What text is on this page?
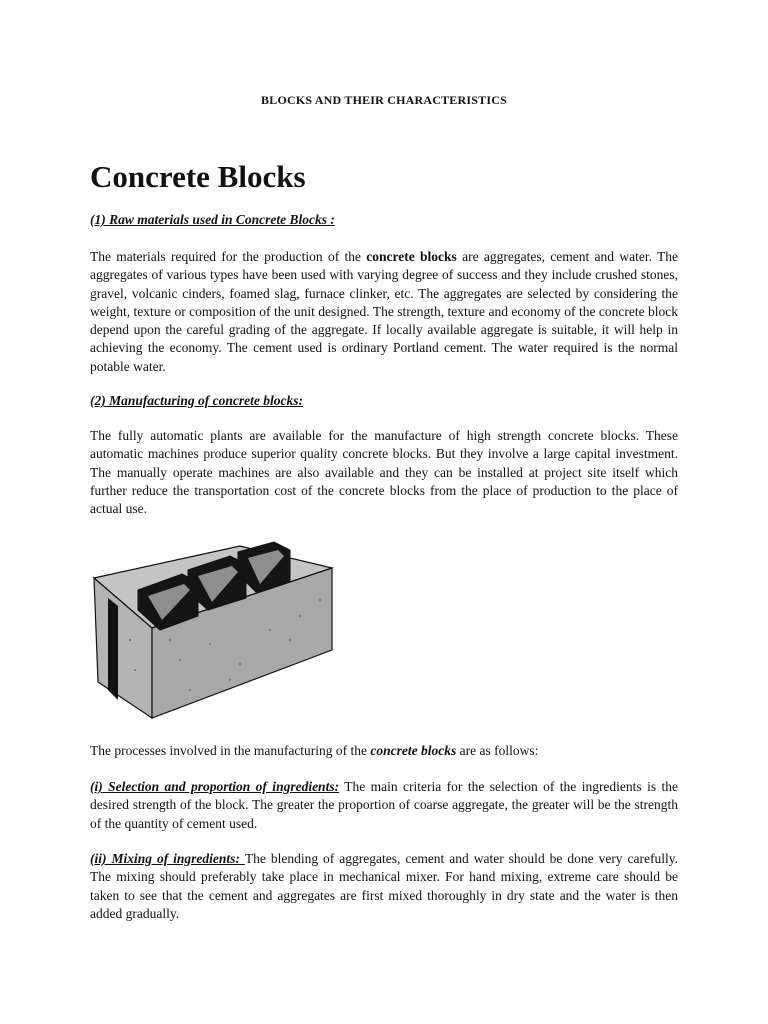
BLOCKS AND THEIR CHARACTERISTICS
Concrete Blocks
(1) Raw materials used in Concrete Blocks :

The materials required for the production of the concrete blocks are aggregates, cement and water. The aggregates of various types have been used with varying degree of success and they include crushed stones, gravel, volcanic cinders, foamed slag, furnace clinker, etc. The aggregates are selected by considering the weight, texture or composition of the unit designed. The strength, texture and economy of the concrete block depend upon the careful grading of the aggregate. If locally available aggregate is suitable, it will help in achieving the economy. The cement used is ordinary Portland cement. The water required is the normal potable water.

(2) Manufacturing of concrete blocks:

The fully automatic plants are available for the manufacture of high strength concrete blocks. These automatic machines produce superior quality concrete blocks. But they involve a large capital investment. The manually operate machines are also available and they can be installed at project site itself which further reduce the transportation cost of the concrete blocks from the place of production to the place of actual use.

The processes involved in the manufacturing of the concrete blocks are as follows:

(i) Selection and proportion of ingredients: The main criteria for the selection of the ingredients is the desired strength of the block. The greater the proportion of coarse aggregate, the greater will be the strength of the quantity of cement used.

(ii) Mixing of ingredients: The blending of aggregates, cement and water should be done very carefully. The mixing should preferably take place in mechanical mixer. For hand mixing, extreme care should be taken to see that the cement and aggregates are first mixed thoroughly in dry state and the water is then added gradually.
